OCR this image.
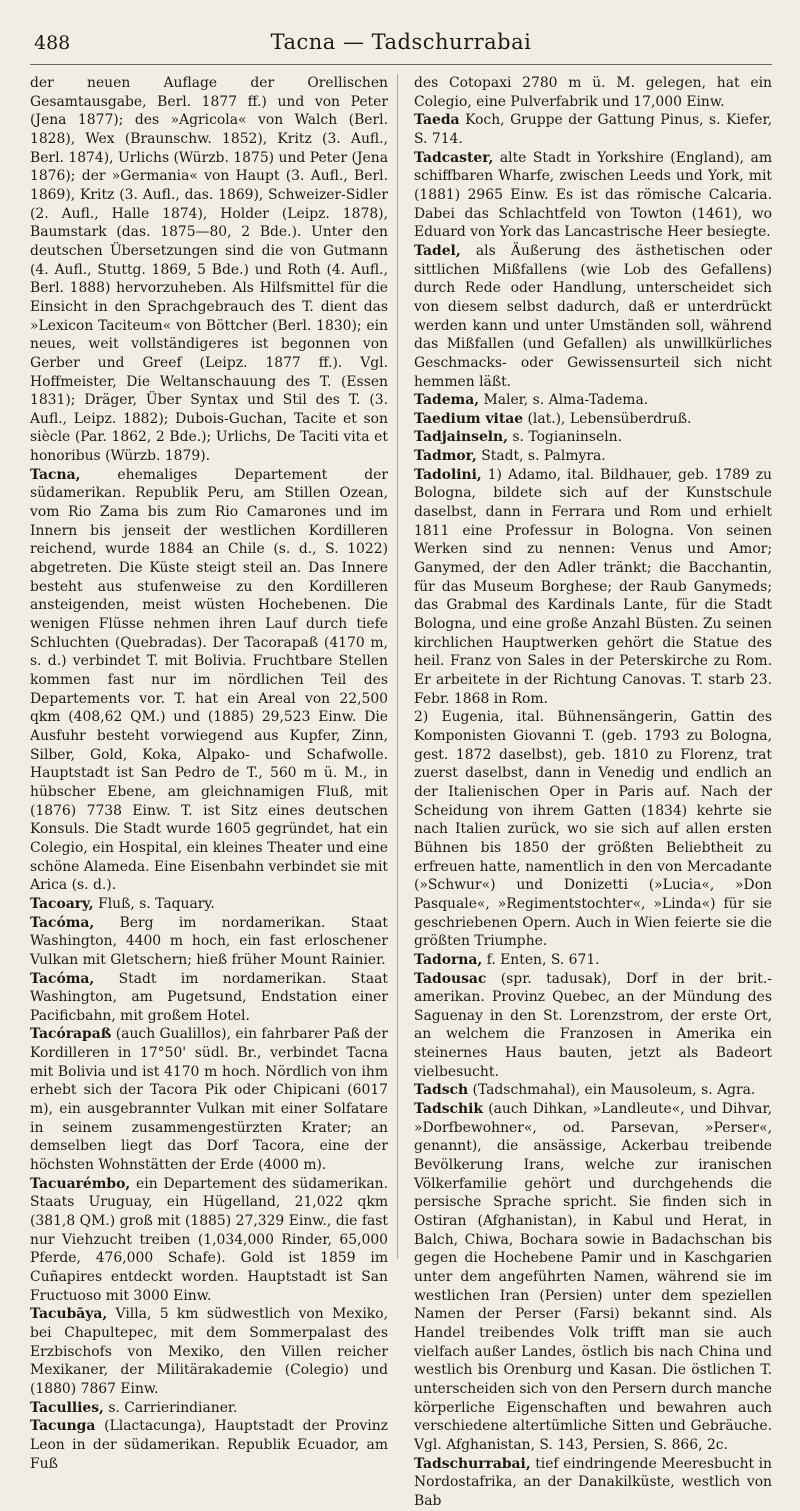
488	Tacna — Tadschurrabai

der neuen Auflage der Orellischen Gesamtausgabe, Berl. 1877 ff.) und von Peter (Jena 1877); des »Agricola« von Walch (Berl. 1828), Wex (Braunschw. 1852), Kritz (3. Aufl., Berl. 1874), Urlichs (Würzb. 1875) und Peter (Jena 1876); der »Germania« von Haupt (3. Aufl., Berl. 1869), Kritz (3. Aufl., das. 1869), Schweizer-Sidler (2. Aufl., Halle 1874), Holder (Leipz. 1878), Baumstark (das. 1875—80, 2 Bde.). Unter den deutschen Übersetzungen sind die von Gutmann (4. Aufl., Stuttg. 1869, 5 Bde.) und Roth (4. Aufl., Berl. 1888) hervorzuheben. Als Hilfsmittel für die Einsicht in den Sprachgebrauch des T. dient das »Lexicon Taciteum« von Böttcher (Berl. 1830); ein neues, weit vollständigeres ist begonnen von Gerber und Greef (Leipz. 1877 ff.). Vgl. Hoffmeister, Die Weltanschauung des T. (Essen 1831); Dräger, Über Syntax und Stil des T. (3. Aufl., Leipz. 1882); Dubois-Guchan, Tacite et son siècle (Par. 1862, 2 Bde.); Urlichs, De Taciti vita et honoribus (Würzb. 1879).

Tacna,	ehemaliges Departement der südamerikan. Republik Peru, am Stillen Ozean, vom Rio Zama bis zum Rio Camarones und im Innern bis jenseit der westlichen Kordilleren reichend, wurde 1884 an Chile (s. d., S. 1022) abgetreten. Die Küste steigt steil an. Das Innere besteht aus stufenweise zu den Kordilleren ansteigenden, meist wüsten Hochebenen. Die wenigen Flüsse nehmen ihren Lauf durch tiefe Schluchten (Quebradas). Der Tacorapaß (4170 m, s. d.) verbindet T. mit Bolivia. Fruchtbare Stellen kommen fast nur im nördlichen Teil des Departements vor. T. hat ein Areal von 22,500 qkm (408,62 QM.) und (1885) 29,523 Einw. Die Ausfuhr besteht vorwiegend aus Kupfer, Zinn, Silber, Gold, Koka, Alpako- und Schafwolle. Hauptstadt ist San Pedro de T., 560 m ü. M., in hübscher Ebene, am gleichnamigen Fluß, mit (1876) 7738 Einw. T. ist Sitz eines deutschen Konsuls. Die Stadt wurde 1605 gegründet, hat ein Colegio, ein Hospital, ein kleines Theater und eine schöne Alameda. Eine Eisenbahn verbindet sie mit Arica (s. d.).

Tacoary, Fluß, s. Taquary.

Tacóma, Berg im nordamerikan. Staat Washington, 4400 m hoch, ein fast erloschener Vulkan mit Gletschern; hieß früher Mount Rainier.

Tacóma, Stadt im nordamerikan. Staat Washington, am Pugetsund, Endstation einer Pacificbahn, mit großem Hotel.

Tacórapaß (auch Gualillos), ein fahrbarer Paß der Kordilleren in 17°50' südl. Br., verbindet Tacna mit Bolivia und ist 4170 m hoch. Nördlich von ihm erhebt sich der Tacora Pik oder Chipicani (6017 m), ein ausgebrannter Vulkan mit einer Solfatare in seinem zusammengestürzten Krater; an demselben liegt das Dorf Tacora, eine der höchsten Wohnstätten der Erde (4000 m).

Tacuarémbo, ein Departement des südamerikan. Staats Uruguay, ein Hügelland, 21,022 qkm (381,8 QM.) groß mit (1885) 27,329 Einw., die fast nur Viehzucht treiben (1,034,000 Rinder, 65,000 Pferde, 476,000 Schafe). Gold ist 1859 im Cuñapires entdeckt worden. Hauptstadt ist San Fructuoso mit 3000 Einw.

Tacubāya, Villa, 5 km südwestlich von Mexiko, bei Chapultepec, mit dem Sommerpalast des Erzbischofs von Mexiko, den Villen reicher Mexikaner, der Militärakademie (Colegio) und (1880) 7867 Einw.

Tacullies, s. Carrierindianer.

Tacunga (Llactacunga), Hauptstadt der Provinz Leon in der südamerikan. Republik Ecuador, am Fuß

des Cotopaxi 2780 m ü. M. gelegen, hat ein Colegio, eine Pulverfabrik und 17,000 Einw.

Taeda Koch, Gruppe der Gattung Pinus, s. Kiefer, S. 714.

Tadcaster, alte Stadt in Yorkshire (England), am schiffbaren Wharfe, zwischen Leeds und York, mit (1881) 2965 Einw. Es ist das römische Calcaria. Dabei das Schlachtfeld von Towton (1461), wo Eduard von York das Lancastrische Heer besiegte.

Tadel, als Äußerung des ästhetischen oder sittlichen Mißfallens (wie Lob des Gefallens) durch Rede oder Handlung, unterscheidet sich von diesem selbst dadurch, daß er unterdrückt werden kann und unter Umständen soll, während das Mißfallen (und Gefallen) als unwillkürliches Geschmacks- oder Gewissensurteil sich nicht hemmen läßt.

Tadema, Maler, s. Alma-Tadema.

Taedium vitae (lat.), Lebensüberdruß.

Tadjainseln, s. Togianinseln.

Tadmor, Stadt, s. Palmyra.

Tadolini, 1) Adamo, ital. Bildhauer, geb. 1789 zu Bologna, bildete sich auf der Kunstschule daselbst, dann in Ferrara und Rom und erhielt 1811 eine Professur in Bologna. Von seinen Werken sind zu nennen: Venus und Amor; Ganymed, der den Adler tränkt; die Bacchantin, für das Museum Borghese; der Raub Ganymeds; das Grabmal des Kardinals Lante, für die Stadt Bologna, und eine große Anzahl Büsten. Zu seinen kirchlichen Hauptwerken gehört die Statue des heil. Franz von Sales in der Peterskirche zu Rom. Er arbeitete in der Richtung Canovas. T. starb 23. Febr. 1868 in Rom.

2) Eugenia, ital. Bühnensängerin, Gattin des Komponisten Giovanni T. (geb. 1793 zu Bologna, gest. 1872 daselbst), geb. 1810 zu Florenz, trat zuerst daselbst, dann in Venedig und endlich an der Italienischen Oper in Paris auf. Nach der Scheidung von ihrem Gatten (1834) kehrte sie nach Italien zurück, wo sie sich auf allen ersten Bühnen bis 1850 der größten Beliebtheit zu erfreuen hatte, namentlich in den von Mercadante (»Schwur«) und Donizetti (»Lucia«, »Don Pasquale«, »Regimentstochter«, »Linda«) für sie geschriebenen Opern. Auch in Wien feierte sie die größten Triumphe.

Tadorna, f. Enten, S. 671.

Tadousac (spr. tadusak), Dorf in der brit.-amerikan. Provinz Quebec, an der Mündung des Saguenay in den St. Lorenzstrom, der erste Ort, an welchem die Franzosen in Amerika ein steinernes Haus bauten, jetzt als Badeort vielbesucht.

Tadsch (Tadschmahal), ein Mausoleum, s. Agra.

Tadschik (auch Dihkan, »Landleute«, und Dihvar, »Dorfbewohner«, od. Parsevan, »Perser«, genannt), die ansässige, Ackerbau treibende Bevölkerung Irans, welche zur iranischen Völkerfamilie gehört und durchgehends die persische Sprache spricht. Sie finden sich in Ostiran (Afghanistan), in Kabul und Herat, in Balch, Chiwa, Bochara sowie in Badachschan bis gegen die Hochebene Pamir und in Kaschgarien unter dem angeführten Namen, während sie im westlichen Iran (Persien) unter dem speziellen Namen der Perser (Farsi) bekannt sind. Als Handel treibendes Volk trifft man sie auch vielfach außer Landes, östlich bis nach China und westlich bis Orenburg und Kasan. Die östlichen T. unterscheiden sich von den Persern durch manche körperliche Eigenschaften und bewahren auch verschiedene altertümliche Sitten und Gebräuche. Vgl. Afghanistan, S. 143, Persien, S. 866, 2c.

Tadschurrabai, tief eindringende Meeresbucht in Nordostafrika, an der Danakilküste, westlich von Bab
